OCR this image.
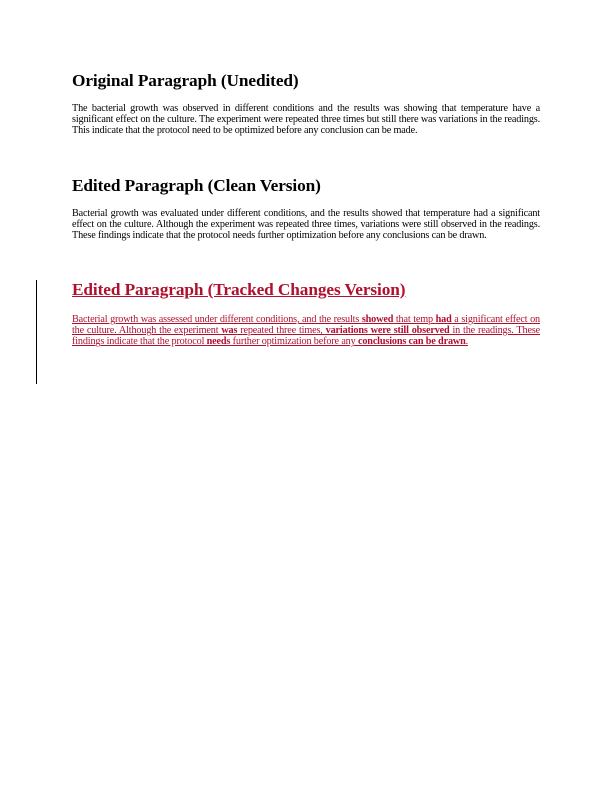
Original Paragraph (Unedited)

The bacterial growth was observed in different conditions and the results was showing that temperature have a significant effect on the culture. The experiment were repeated three times but still there was variations in the readings. This indicate that the protocol need to be optimized before any conclusion can be made.

Edited Paragraph (Clean Version)

Bacterial growth was evaluated under different conditions, and the results showed that temperature had a significant effect on the culture. Although the experiment was repeated three times, variations were still observed in the readings. These findings indicate that the protocol needs further optimization before any conclusions can be drawn.

Edited Paragraph (Tracked Changes Version)

Bacterial growth was assessed under different conditions, and the results showed that temp had a significant effect on the culture. Although the experiment was repeated three times, variations were still observed in the readings. These findings indicate that the protocol needs further optimization before any conclusions can be drawn.
